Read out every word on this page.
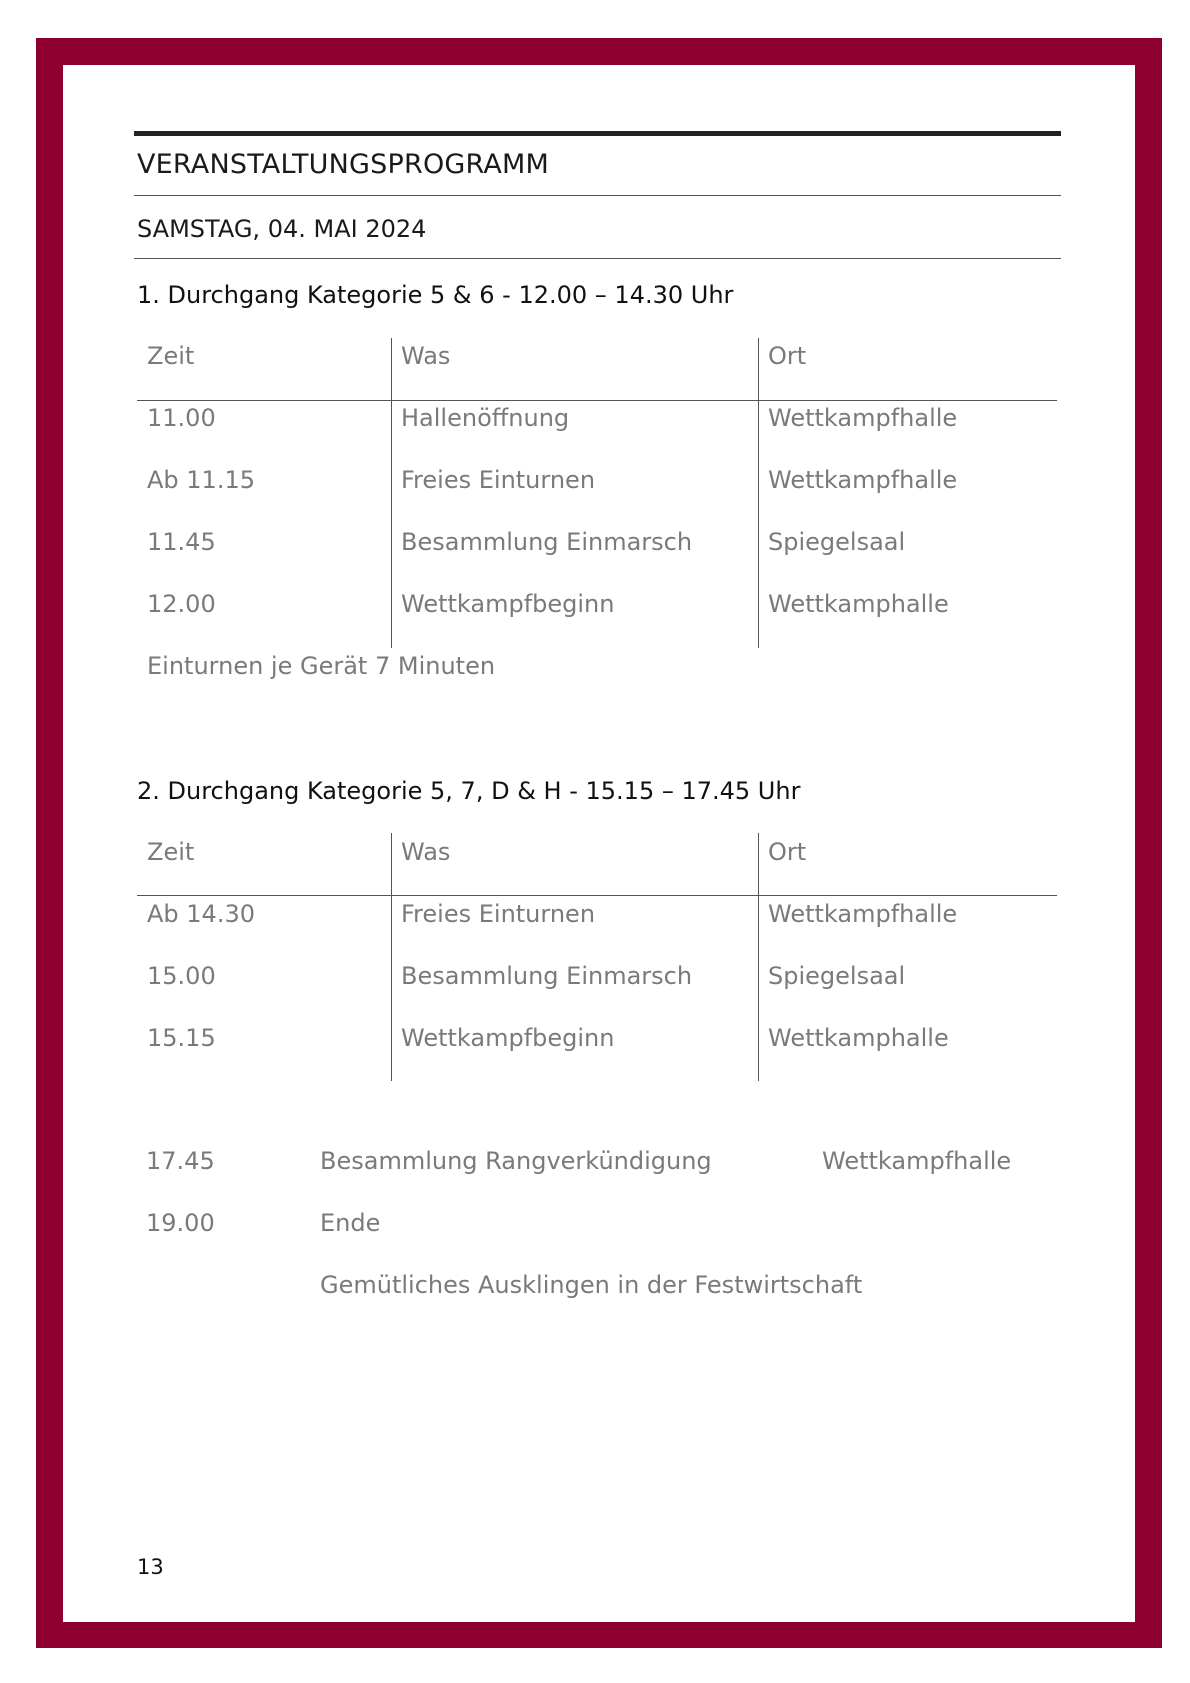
VERANSTALTUNGSPROGRAMM
SAMSTAG, 04. MAI 2024
1. Durchgang Kategorie 5 & 6 - 12.00 – 14.30 Uhr
Zeit	Was	Ort
11.00	Hallenöffnung	Wettkampfhalle
Ab 11.15	Freies Einturnen	Wettkampfhalle
11.45	Besammlung Einmarsch	Spiegelsaal
12.00	Wettkampfbeginn	Wettkamphalle
Einturnen je Gerät 7 Minuten
2. Durchgang Kategorie 5, 7, D & H - 15.15 – 17.45 Uhr
Zeit	Was	Ort
Ab 14.30	Freies Einturnen	Wettkampfhalle
15.00	Besammlung Einmarsch	Spiegelsaal
15.15	Wettkampfbeginn	Wettkamphalle
17.45	Besammlung Rangverkündigung	Wettkampfhalle
19.00	Ende
Gemütliches Ausklingen in der Festwirtschaft
13
